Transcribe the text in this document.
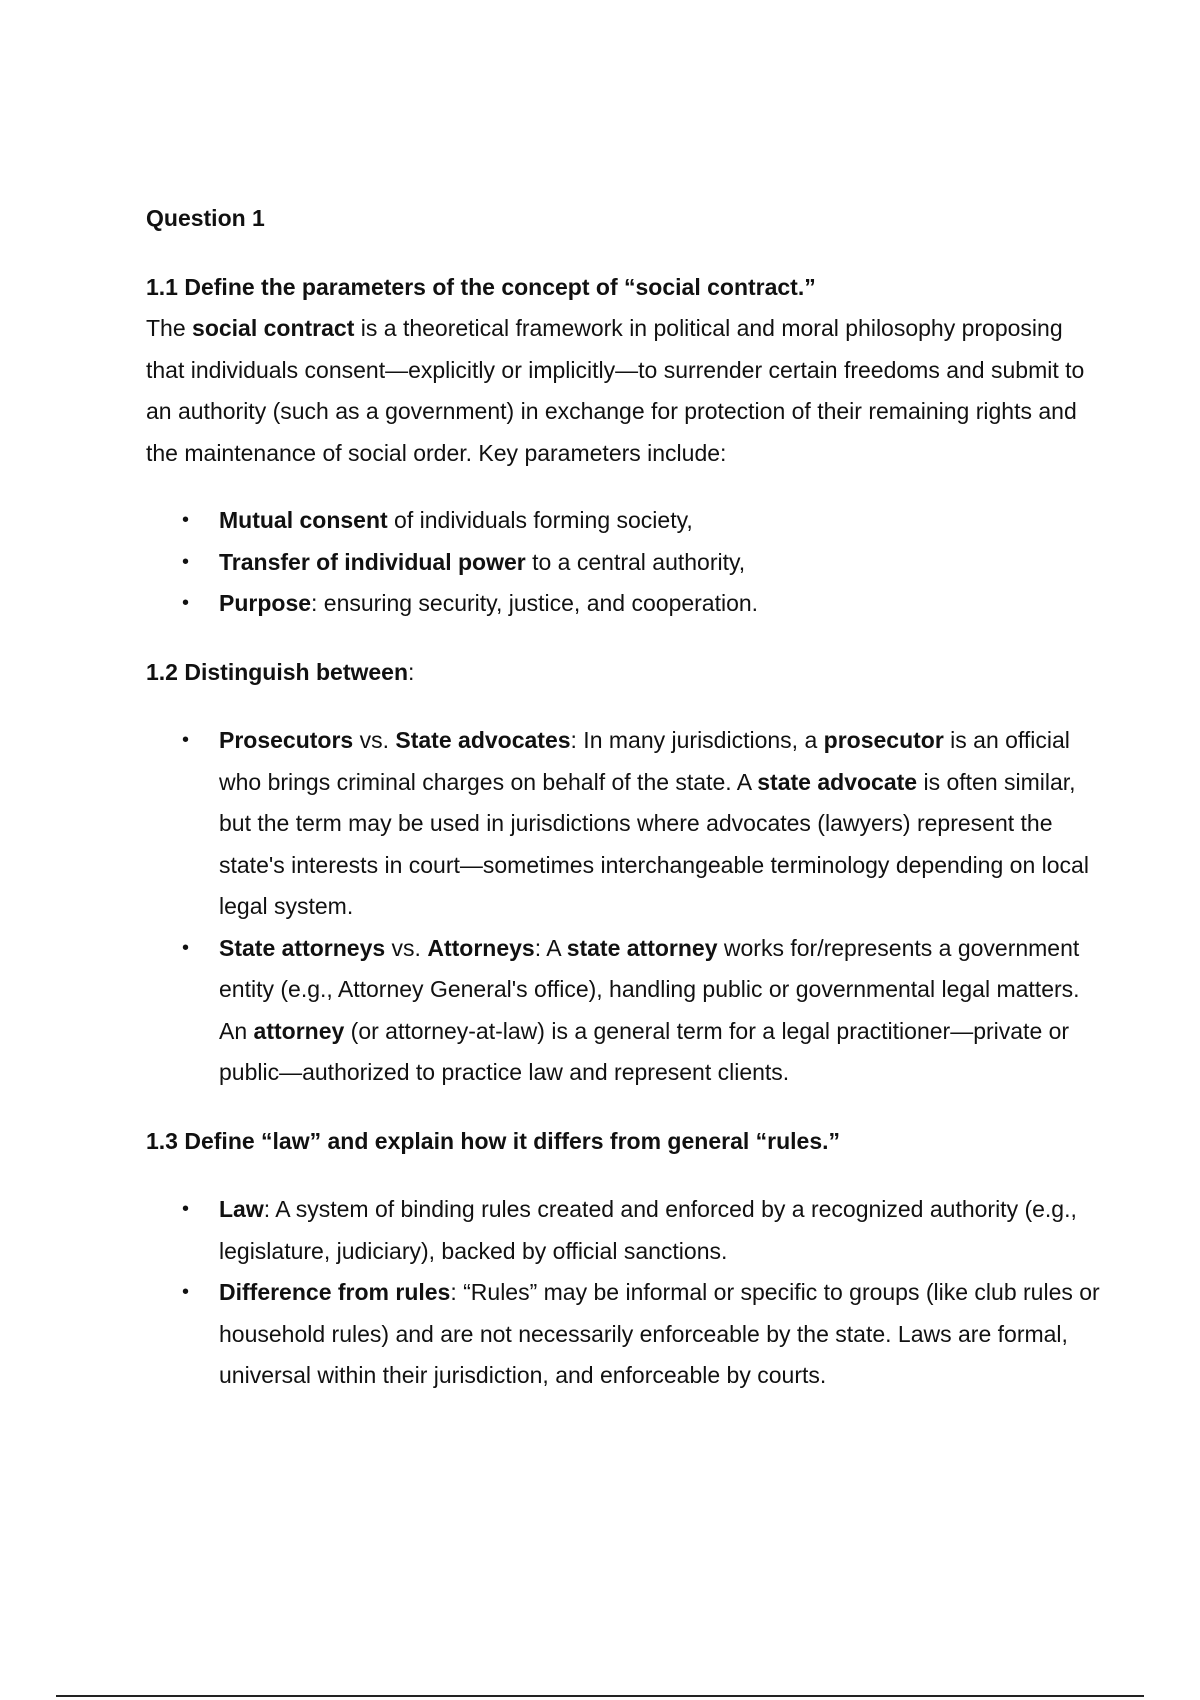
Question 1
1.1 Define the parameters of the concept of “social contract.”

The social contract is a theoretical framework in political and moral philosophy proposing that individuals consent—explicitly or implicitly—to surrender certain freedoms and submit to an authority (such as a government) in exchange for protection of their remaining rights and the maintenance of social order. Key parameters include:

• Mutual consent of individuals forming society,
• Transfer of individual power to a central authority,
• Purpose: ensuring security, justice, and cooperation.
1.2 Distinguish between:
• Prosecutors vs. State advocates: In many jurisdictions, a prosecutor is an official who brings criminal charges on behalf of the state. A state advocate is often similar, but the term may be used in jurisdictions where advocates (lawyers) represent the state's interests in court—sometimes interchangeable terminology depending on local legal system.
• State attorneys vs. Attorneys: A state attorney works for/represents a government entity (e.g., Attorney General's office), handling public or governmental legal matters. An attorney (or attorney-at-law) is a general term for a legal practitioner—private or public—authorized to practice law and represent clients.
1.3 Define “law” and explain how it differs from general “rules.”
• Law: A system of binding rules created and enforced by a recognized authority (e.g., legislature, judiciary), backed by official sanctions.
• Difference from rules: “Rules” may be informal or specific to groups (like club rules or household rules) and are not necessarily enforceable by the state. Laws are formal, universal within their jurisdiction, and enforceable by courts.
